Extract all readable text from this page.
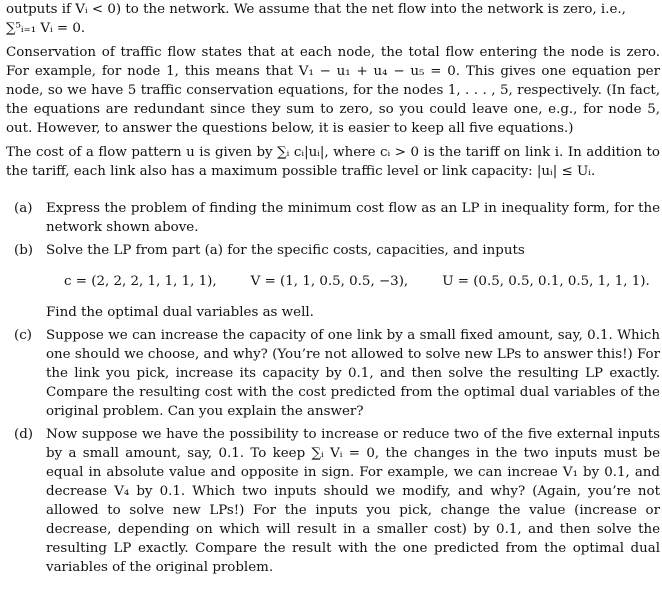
outputs if Vᵢ < 0) to the network. We assume that the net flow into the network is zero, i.e.,
∑⁵ᵢ₌₁ Vᵢ = 0.

Conservation of traffic flow states that at each node, the total flow entering the node is zero. For example, for node 1, this means that V₁ − u₁ + u₄ − u₅ = 0. This gives one equation per node, so we have 5 traffic conservation equations, for the nodes 1, . . . , 5, respectively. (In fact, the equations are redundant since they sum to zero, so you could leave one, e.g., for node 5, out. However, to answer the questions below, it is easier to keep all five equations.)

The cost of a flow pattern u is given by ∑ᵢ cᵢ|uᵢ|, where cᵢ > 0 is the tariff on link i. In addition to the tariff, each link also has a maximum possible traffic level or link capacity: |uᵢ| ≤ Uᵢ.

(a) Express the problem of finding the minimum cost flow as an LP in inequality form, for the network shown above.
(b) Solve the LP from part (a) for the specific costs, capacities, and inputs
c = (2, 2, 2, 1, 1, 1, 1),	V = (1, 1, 0.5, 0.5, −3),	U = (0.5, 0.5, 0.1, 0.5, 1, 1, 1).
Find the optimal dual variables as well.
(c) Suppose we can increase the capacity of one link by a small fixed amount, say, 0.1. Which one should we choose, and why? (You’re not allowed to solve new LPs to answer this!) For the link you pick, increase its capacity by 0.1, and then solve the resulting LP exactly. Compare the resulting cost with the cost predicted from the optimal dual variables of the original problem. Can you explain the answer?
(d) Now suppose we have the possibility to increase or reduce two of the five external inputs by a small amount, say, 0.1. To keep ∑ᵢ Vᵢ = 0, the changes in the two inputs must be equal in absolute value and opposite in sign. For example, we can increae V₁ by 0.1, and decrease V₄ by 0.1. Which two inputs should we modify, and why? (Again, you’re not allowed to solve new LPs!) For the inputs you pick, change the value (increase or decrease, depending on which will result in a smaller cost) by 0.1, and then solve the resulting LP exactly. Compare the result with the one predicted from the optimal dual variables of the original problem.
